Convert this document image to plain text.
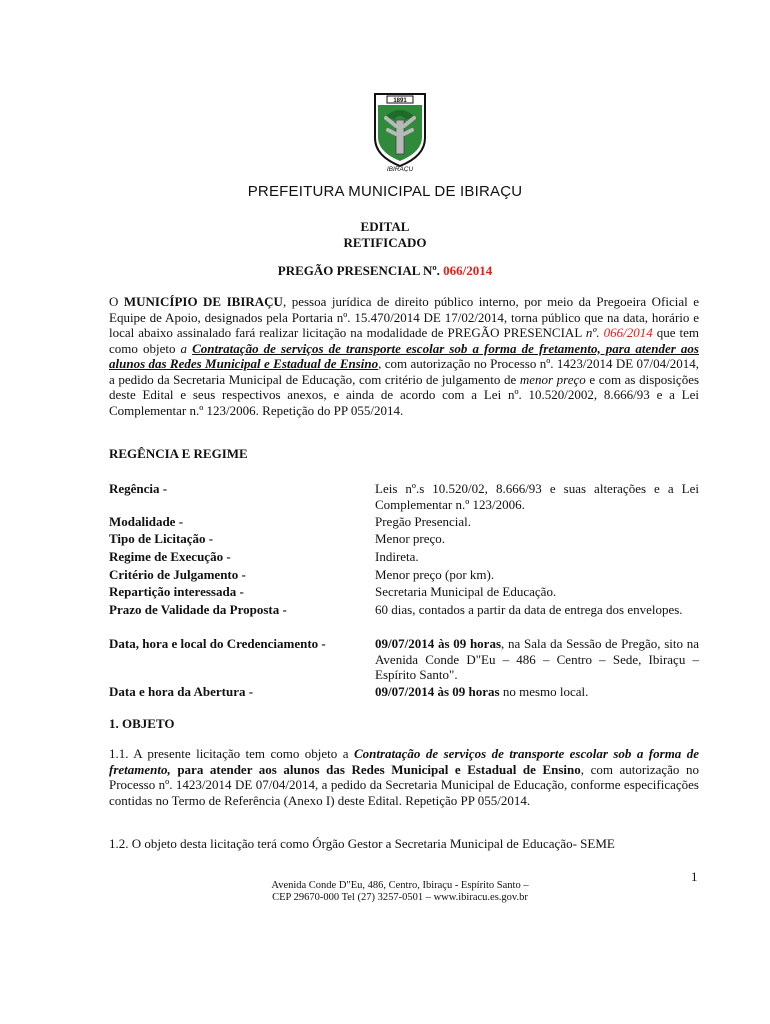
1891
IBIRAÇU
PREFEITURA MUNICIPAL DE IBIRAÇU
EDITAL
RETIFICADO
PREGÃO PRESENCIAL Nº. 066/2014
O MUNICÍPIO DE IBIRAÇU, pessoa jurídica de direito público interno, por meio da Pregoeira Oficial e Equipe de Apoio, designados pela Portaria nº. 15.470/2014 DE 17/02/2014, torna público que na data, horário e local abaixo assinalado fará realizar licitação na modalidade de PREGÃO PRESENCIAL nº. 066/2014 que tem como objeto a Contratação de serviços de transporte escolar sob a forma de fretamento, para atender aos alunos das Redes Municipal e Estadual de Ensino, com autorização no Processo nº. 1423/2014 DE 07/04/2014, a pedido da Secretaria Municipal de Educação, com critério de julgamento de menor preço e com as disposições deste Edital e seus respectivos anexos, e ainda de acordo com a Lei nº. 10.520/2002, 8.666/93 e a Lei Complementar n.º 123/2006. Repetição do PP 055/2014.
REGÊNCIA E REGIME
Regência -	Leis nº.s 10.520/02, 8.666/93 e suas alterações e a Lei Complementar n.º 123/2006.
Modalidade -	Pregão Presencial.
Tipo de Licitação -	Menor preço.
Regime de Execução -	Indireta.
Critério de Julgamento -	Menor preço (por km).
Repartição interessada -	Secretaria Municipal de Educação.
Prazo de Validade da Proposta -	60 dias, contados a partir da data de entrega dos envelopes.
Data, hora e local do Credenciamento -	09/07/2014 às 09 horas, na Sala da Sessão de Pregão, sito na Avenida Conde D"Eu – 486 – Centro – Sede, Ibiraçu – Espírito Santo".
Data e hora da Abertura -	09/07/2014 às 09 horas no mesmo local.
1. OBJETO
1.1. A presente licitação tem como objeto a Contratação de serviços de transporte escolar sob a forma de fretamento, para atender aos alunos das Redes Municipal e Estadual de Ensino, com autorização no Processo nº. 1423/2014 DE 07/04/2014, a pedido da Secretaria Municipal de Educação, conforme especificações contidas no Termo de Referência (Anexo I) deste Edital. Repetição PP 055/2014.
1.2. O objeto desta licitação terá como Órgão Gestor a Secretaria Municipal de Educação- SEME
1
Avenida Conde D"Eu, 486, Centro, Ibiraçu - Espírito Santo –
CEP 29670-000 Tel (27) 3257-0501 – www.ibiracu.es.gov.br
